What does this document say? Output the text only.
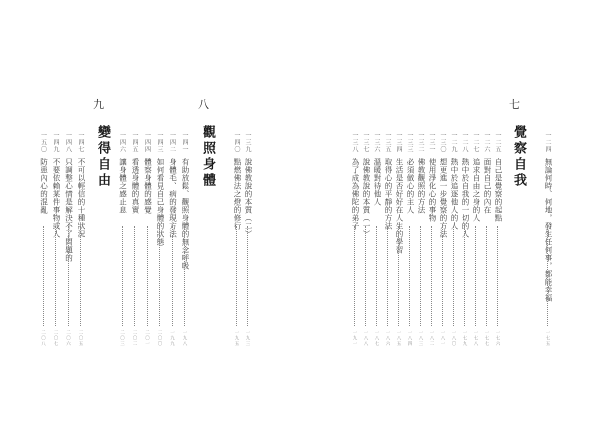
一三九
說佛教說的本質（二）
一九三
一四〇
點燃佛法之燈的修行
一九五
八
觀照身體
一四一
有助放鬆、觀照身體的無念呼吸
一九八
一四二
身體毛、病的發現方法
一九九
一四三
如何看見自己身體的狀態
二〇〇
一四四
體察身體的感覺
二〇一
一四五
看透身體的真實
二〇二
一四六
讓身體之感止息
二〇三
九
變得自由
一四七
不可以輕信的十種狀況
二〇五
一四八
只調整心情是解決不了問題的
二〇六
一四九
不要依賴某件事物或人
二〇七
一五〇
防患內心的混亂
二〇八
一二四
無論何時、何地，發生任何事，都能幸福
一七五
七
覺察自我
一二五
自己是覺察的起點
一七六
一二六
面對自己的內在
一七七
一二七
追求自由之身的人
一七八
一二八
熱中於自我的一切的人
一七九
一二九
熱中於追逐他人的人
一八〇
一三〇
想更進一步覺察的方法
一八一
一三一
使用淨化心的事物
一八二
一三二
佛教觀照的方法
一八三
一三三
必須做心的主人
一八四
一三四
生活是否好好在人生的學習
一八五
一三五
取得心的平靜的方法
一八六
一三六
溫暖對待他人
一八七
一三七
說佛教說的本質（一）
一八八
一三八
為了成為佛陀的弟子
一九一
